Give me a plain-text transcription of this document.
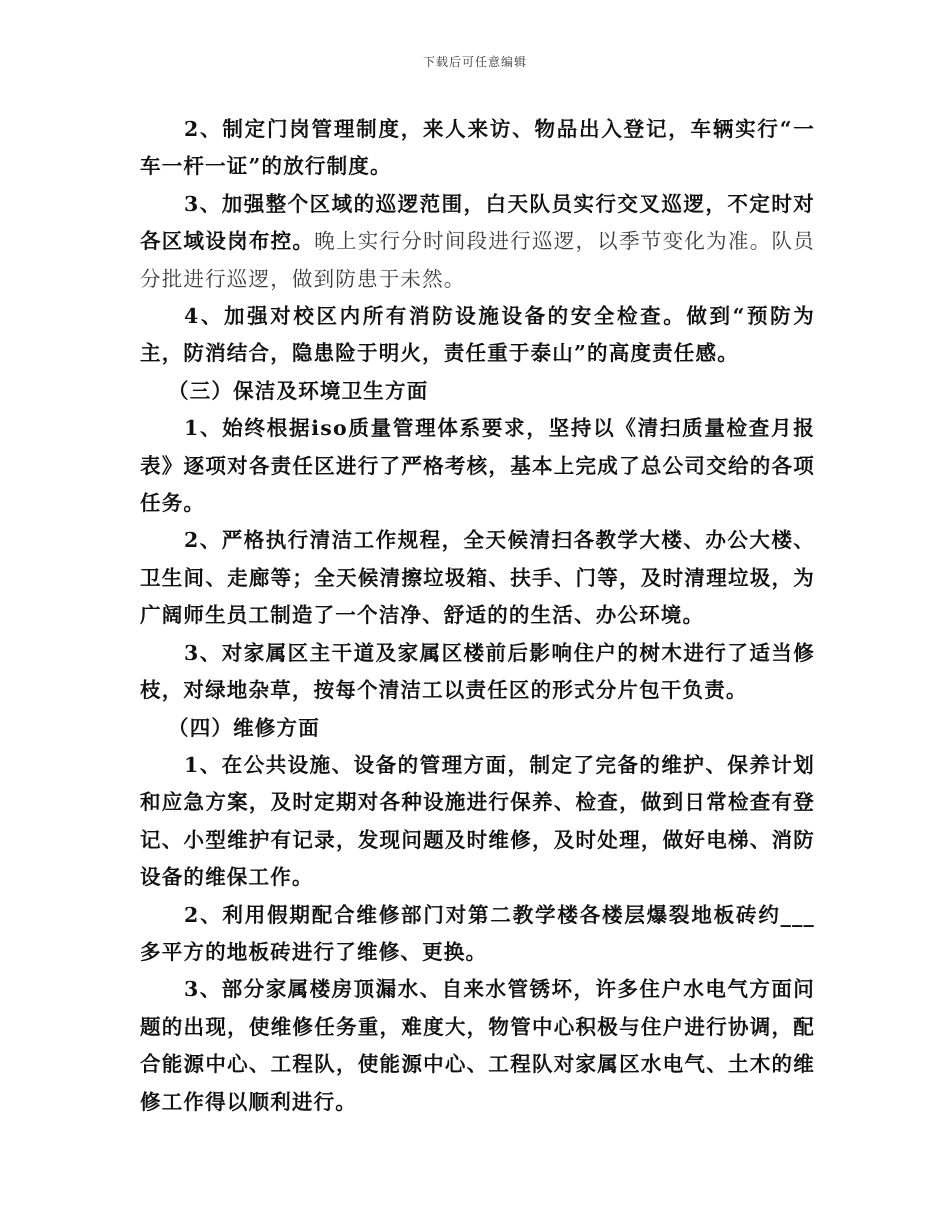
下载后可任意编辑

2、制定门岗管理制度，来人来访、物品出入登记，车辆实行“一车一杆一证”的放行制度。

3、加强整个区域的巡逻范围，白天队员实行交叉巡逻，不定时对各区域设岗布控。晚上实行分时间段进行巡逻，以季节变化为准。队员分批进行巡逻，做到防患于未然。

4、加强对校区内所有消防设施设备的安全检查。做到“预防为主，防消结合，隐患险于明火，责任重于泰山”的高度责任感。

（三）保洁及环境卫生方面

1、始终根据iso质量管理体系要求，坚持以《清扫质量检查月报表》逐项对各责任区进行了严格考核，基本上完成了总公司交给的各项任务。

2、严格执行清洁工作规程，全天候清扫各教学大楼、办公大楼、卫生间、走廊等；全天候清擦垃圾箱、扶手、门等，及时清理垃圾，为广阔师生员工制造了一个洁净、舒适的的生活、办公环境。

3、对家属区主干道及家属区楼前后影响住户的树木进行了适当修枝，对绿地杂草，按每个清洁工以责任区的形式分片包干负责。

（四）维修方面

1、在公共设施、设备的管理方面，制定了完备的维护、保养计划和应急方案，及时定期对各种设施进行保养、检查，做到日常检查有登记、小型维护有记录，发现问题及时维修，及时处理，做好电梯、消防设备的维保工作。

2、利用假期配合维修部门对第二教学楼各楼层爆裂地板砖约___多平方的地板砖进行了维修、更换。

3、部分家属楼房顶漏水、自来水管锈坏，许多住户水电气方面问题的出现，使维修任务重，难度大，物管中心积极与住户进行协调，配合能源中心、工程队，使能源中心、工程队对家属区水电气、土木的维修工作得以顺利进行。
